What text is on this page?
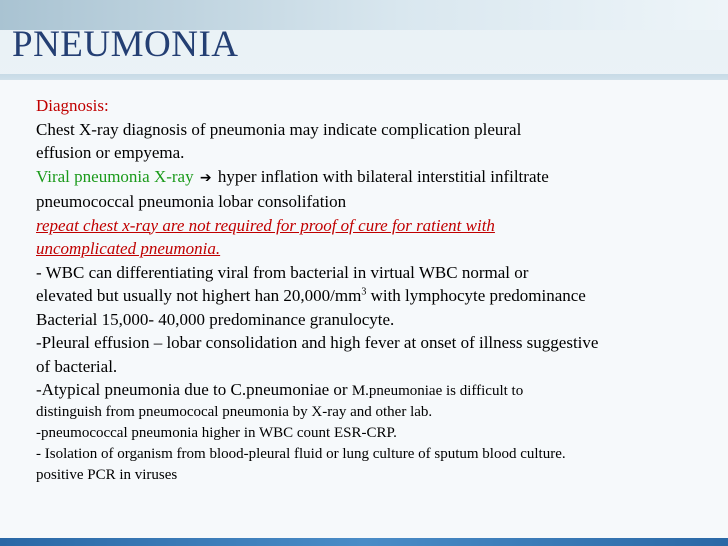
PNEUMONIA
Diagnosis:
Chest X-ray diagnosis of pneumonia may indicate complication pleural
effusion or empyema.
Viral pneumonia X-ray ➔ hyper inflation with bilateral interstitial infiltrate
pneumococcal pneumonia lobar consolifation
repeat chest x-ray are not required for proof of cure for ratient with
uncomplicated pneumonia.
- WBC can differentiating viral from bacterial in virtual WBC normal or
elevated but usually not highert han $20,000/mm^3$ with lymphocyte predominance
Bacterial 15,000- 40,000 predominance granulocyte.
-Pleural effusion – lobar consolidation and high fever at onset of illness suggestive
of bacterial.
-Atypical pneumonia due to C.pneumoniae or M.pneumoniae is difficult to
distinguish from pneumococal pneumonia by X-ray and other lab.
-pneumococcal pneumonia higher in WBC count ESR-CRP.
- Isolation of organism from blood-pleural fluid or lung culture of sputum blood culture.
positive PCR in viruses
